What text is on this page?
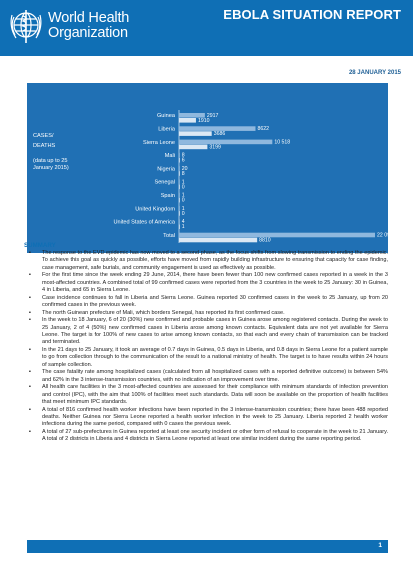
World Health
Organization
EBOLA SITUATION REPORT
28 JANUARY 2015
CASES/
DEATHS
(data up to 25
January 2015)
Guinea	2917
1910
Liberia	8622
3686
Sierra Leone	10 518
3199
Mali 8
6
Nigeria 20
8
Senegal 1
0
Spain 1
0
United Kingdom 1
0
United States of America 4
1
Total	22 092
8810
SUMMARY
▪ The response to the EVD epidemic has now moved to a second phase, as the focus shifts from slowing transmission to ending the epidemic. To achieve this goal as quickly as possible, efforts have moved from rapidly building infrastructure to ensuring that capacity for case finding, case management, safe burials, and community engagement is used as effectively as possible.
▪ For the first time since the week ending 29 June, 2014, there have been fewer than 100 new confirmed cases reported in a week in the 3 most-affected countries. A combined total of 99 confirmed cases were reported from the 3 countries in the week to 25 January: 30 in Guinea, 4 in Liberia, and 65 in Sierra Leone.
▪ Case incidence continues to fall in Liberia and Sierra Leone. Guinea reported 30 confirmed cases in the week to 25 January, up from 20 confirmed cases in the previous week.
▪ The north Guinean prefecture of Mali, which borders Senegal, has reported its first confirmed case.
▪ In the week to 18 January, 6 of 20 (30%) new confirmed and probable cases in Guinea arose among registered contacts. During the week to 25 January, 2 of 4 (50%) new confirmed cases in Liberia arose among known contacts. Equivalent data are not yet available for Sierra Leone. The target is for 100% of new cases to arise among known contacts, so that each and every chain of transmission can be tracked and terminated.
▪ In the 21 days to 25 January, it took an average of 0.7 days in Guinea, 0.5 days in Liberia, and 0.8 days in Sierra Leone for a patient sample to go from collection through to the communication of the result to a national ministry of health. The target is to have results within 24 hours of sample collection.
▪ The case fatality rate among hospitalized cases (calculated from all hospitalized cases with a reported definitive outcome) is between 54% and 62% in the 3 intense-transmission countries, with no indication of an improvement over time.
▪ All health care facilities in the 3 most-affected countries are assessed for their compliance with minimum standards of infection prevention and control (IPC), with the aim that 100% of facilities meet such standards. Data will soon be available on the proportion of health facilities that meet minimum IPC standards.
▪ A total of 816 confirmed health worker infections have been reported in the 3 intense-transmission countries; there have been 488 reported deaths. Neither Guinea nor Sierra Leone reported a health worker infection in the week to 25 January. Liberia reported 2 health worker infections during the same period, compared with 0 cases the previous week.
▪ A total of 27 sub-prefectures in Guinea reported at least one security incident or other form of refusal to cooperate in the week to 21 January. A total of 2 districts in Liberia and 4 districts in Sierra Leone reported at least one similar incident during the same reporting period.
1
